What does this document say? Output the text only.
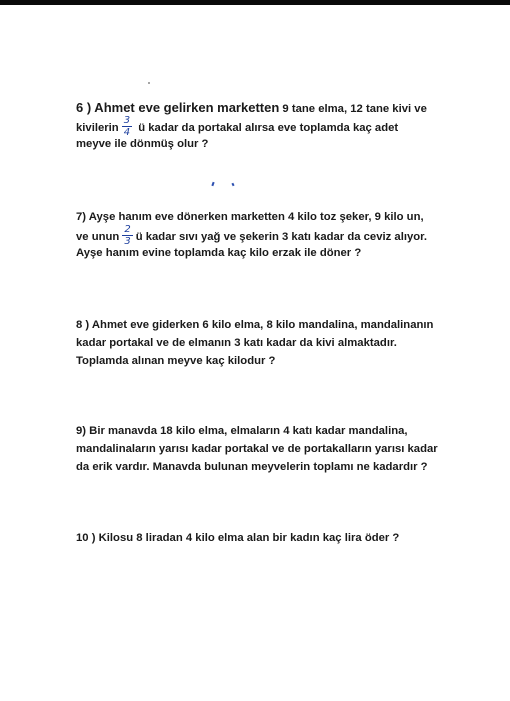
6 ) Ahmet eve gelirken marketten 9 tane elma, 12 tane kivi ve
kivilerin $\frac{3}{4}$ ü kadar da portakal alırsa eve toplamda kaç adet
meyve ile dönmüş olur ?
7) Ayşe hanım eve dönerken marketten 4 kilo toz şeker, 9 kilo un,
ve unun $\frac{2}{3}$ ü kadar sıvı yağ ve şekerin 3 katı kadar da ceviz alıyor.
Ayşe hanım evine toplamda kaç kilo erzak ile döner ?
8 ) Ahmet eve giderken 6 kilo elma, 8 kilo mandalina, mandalinanın
kadar portakal ve de elmanın 3 katı kadar da kivi almaktadır.
Toplamda alınan meyve kaç kilodur ?
9) Bir manavda 18 kilo elma, elmaların 4 katı kadar mandalina,
mandalinaların yarısı kadar portakal ve de portakalların yarısı kadar
da erik vardır. Manavda bulunan meyvelerin toplamı ne kadardır ?
10 ) Kilosu 8 liradan 4 kilo elma alan bir kadın kaç lira öder ?
